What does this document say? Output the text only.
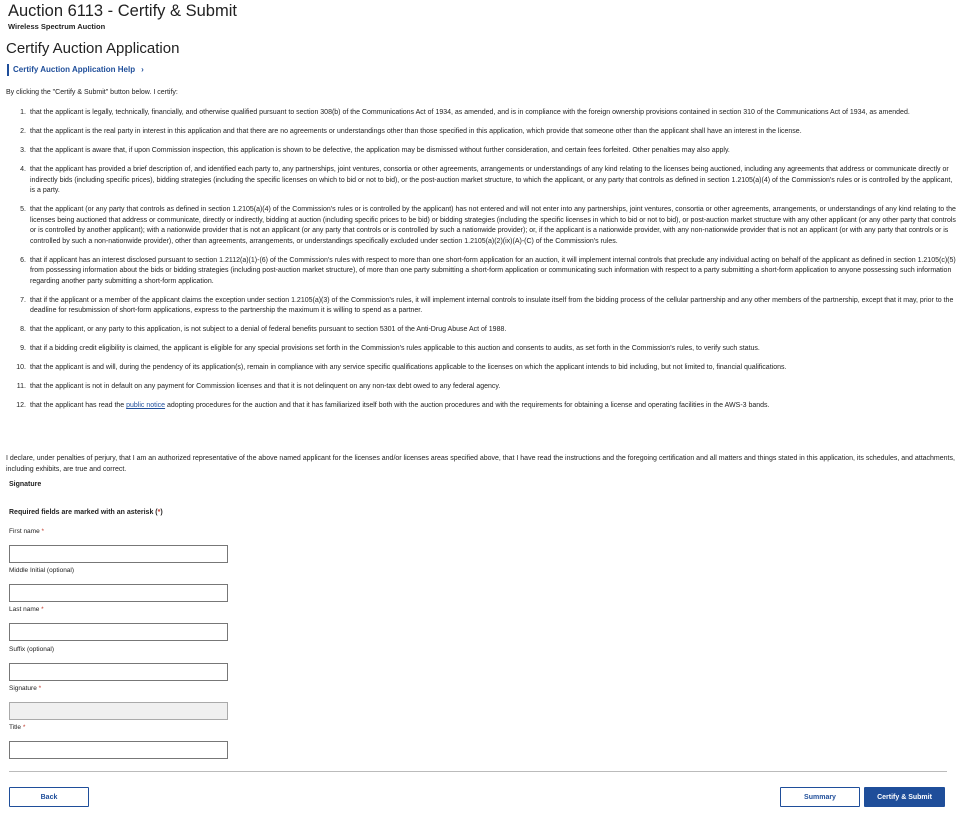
Auction 6113 - Certify & Submit
Wireless Spectrum Auction
Certify Auction Application
Certify Auction Application Help ›
By clicking the "Certify & Submit" button below. I certify:
1. that the applicant is legally, technically, financially, and otherwise qualified pursuant to section 308(b) of the Communications Act of 1934, as amended, and is in compliance with the foreign ownership provisions contained in section 310 of the Communications Act of 1934, as amended.
2. that the applicant is the real party in interest in this application and that there are no agreements or understandings other than those specified in this application, which provide that someone other than the applicant shall have an interest in the license.
3. that the applicant is aware that, if upon Commission inspection, this application is shown to be defective, the application may be dismissed without further consideration, and certain fees forfeited. Other penalties may also apply.
4. that the applicant has provided a brief description of, and identified each party to, any partnerships, joint ventures, consortia or other agreements, arrangements or understandings of any kind relating to the licenses being auctioned, including any agreements that address or communicate directly or indirectly bids (including specific prices), bidding strategies (including the specific licenses on which to bid or not to bid), or the post-auction market structure, to which the applicant, or any party that controls as defined in section 1.2105(a)(4) of the Commission's rules or is controlled by the applicant, is a party.
5. that the applicant (or any party that controls as defined in section 1.2105(a)(4) of the Commission's rules or is controlled by the applicant) has not entered and will not enter into any partnerships, joint ventures, consortia or other agreements, arrangements, or understandings of any kind relating to the licenses being auctioned that address or communicate, directly or indirectly, bidding at auction (including specific prices to be bid) or bidding strategies (including the specific licenses in which to bid or not to bid), or post-auction market structure with any other applicant (or any other party that controls or is controlled by another applicant); with a nationwide provider that is not an applicant (or any party that controls or is controlled by such a nationwide provider); or, if the applicant is a nationwide provider, with any non-nationwide provider that is not an applicant (or with any party that controls or is controlled by such a non-nationwide provider), other than agreements, arrangements, or understandings specifically excluded under section 1.2105(a)(2)(ix)(A)-(C) of the Commission's rules.
6. that if applicant has an interest disclosed pursuant to section 1.2112(a)(1)-(6) of the Commission's rules with respect to more than one short-form application for an auction, it will implement internal controls that preclude any individual acting on behalf of the applicant as defined in section 1.2105(c)(5) from possessing information about the bids or bidding strategies (including post-auction market structure), of more than one party submitting a short-form application or communicating such information with respect to a party submitting a short-form application to anyone possessing such information regarding another party submitting a short-form application.
7. that if the applicant or a member of the applicant claims the exception under section 1.2105(a)(3) of the Commission's rules, it will implement internal controls to insulate itself from the bidding process of the cellular partnership and any other members of the partnership, except that it may, prior to the deadline for resubmission of short-form applications, express to the partnership the maximum it is willing to spend as a partner.
8. that the applicant, or any party to this application, is not subject to a denial of federal benefits pursuant to section 5301 of the Anti-Drug Abuse Act of 1988.
9. that if a bidding credit eligibility is claimed, the applicant is eligible for any special provisions set forth in the Commission's rules applicable to this auction and consents to audits, as set forth in the Commission's rules, to verify such status.
10. that the applicant is and will, during the pendency of its application(s), remain in compliance with any service specific qualifications applicable to the licenses on which the applicant intends to bid including, but not limited to, financial qualifications.
11. that the applicant is not in default on any payment for Commission licenses and that it is not delinquent on any non-tax debt owed to any federal agency.
12. that the applicant has read the public notice adopting procedures for the auction and that it has familiarized itself both with the auction procedures and with the requirements for obtaining a license and operating facilities in the AWS-3 bands.
I declare, under penalties of perjury, that I am an authorized representative of the above named applicant for the licenses and/or licenses areas specified above, that I have read the instructions and the foregoing certification and all matters and things stated in this application, its schedules, and attachments, including exhibits, are true and correct.
Signature
Required fields are marked with an asterisk (*)
First name *
Middle Initial (optional)
Last name *
Suffix (optional)
Signature *
Title *
Back	Summary	Certify & Submit
